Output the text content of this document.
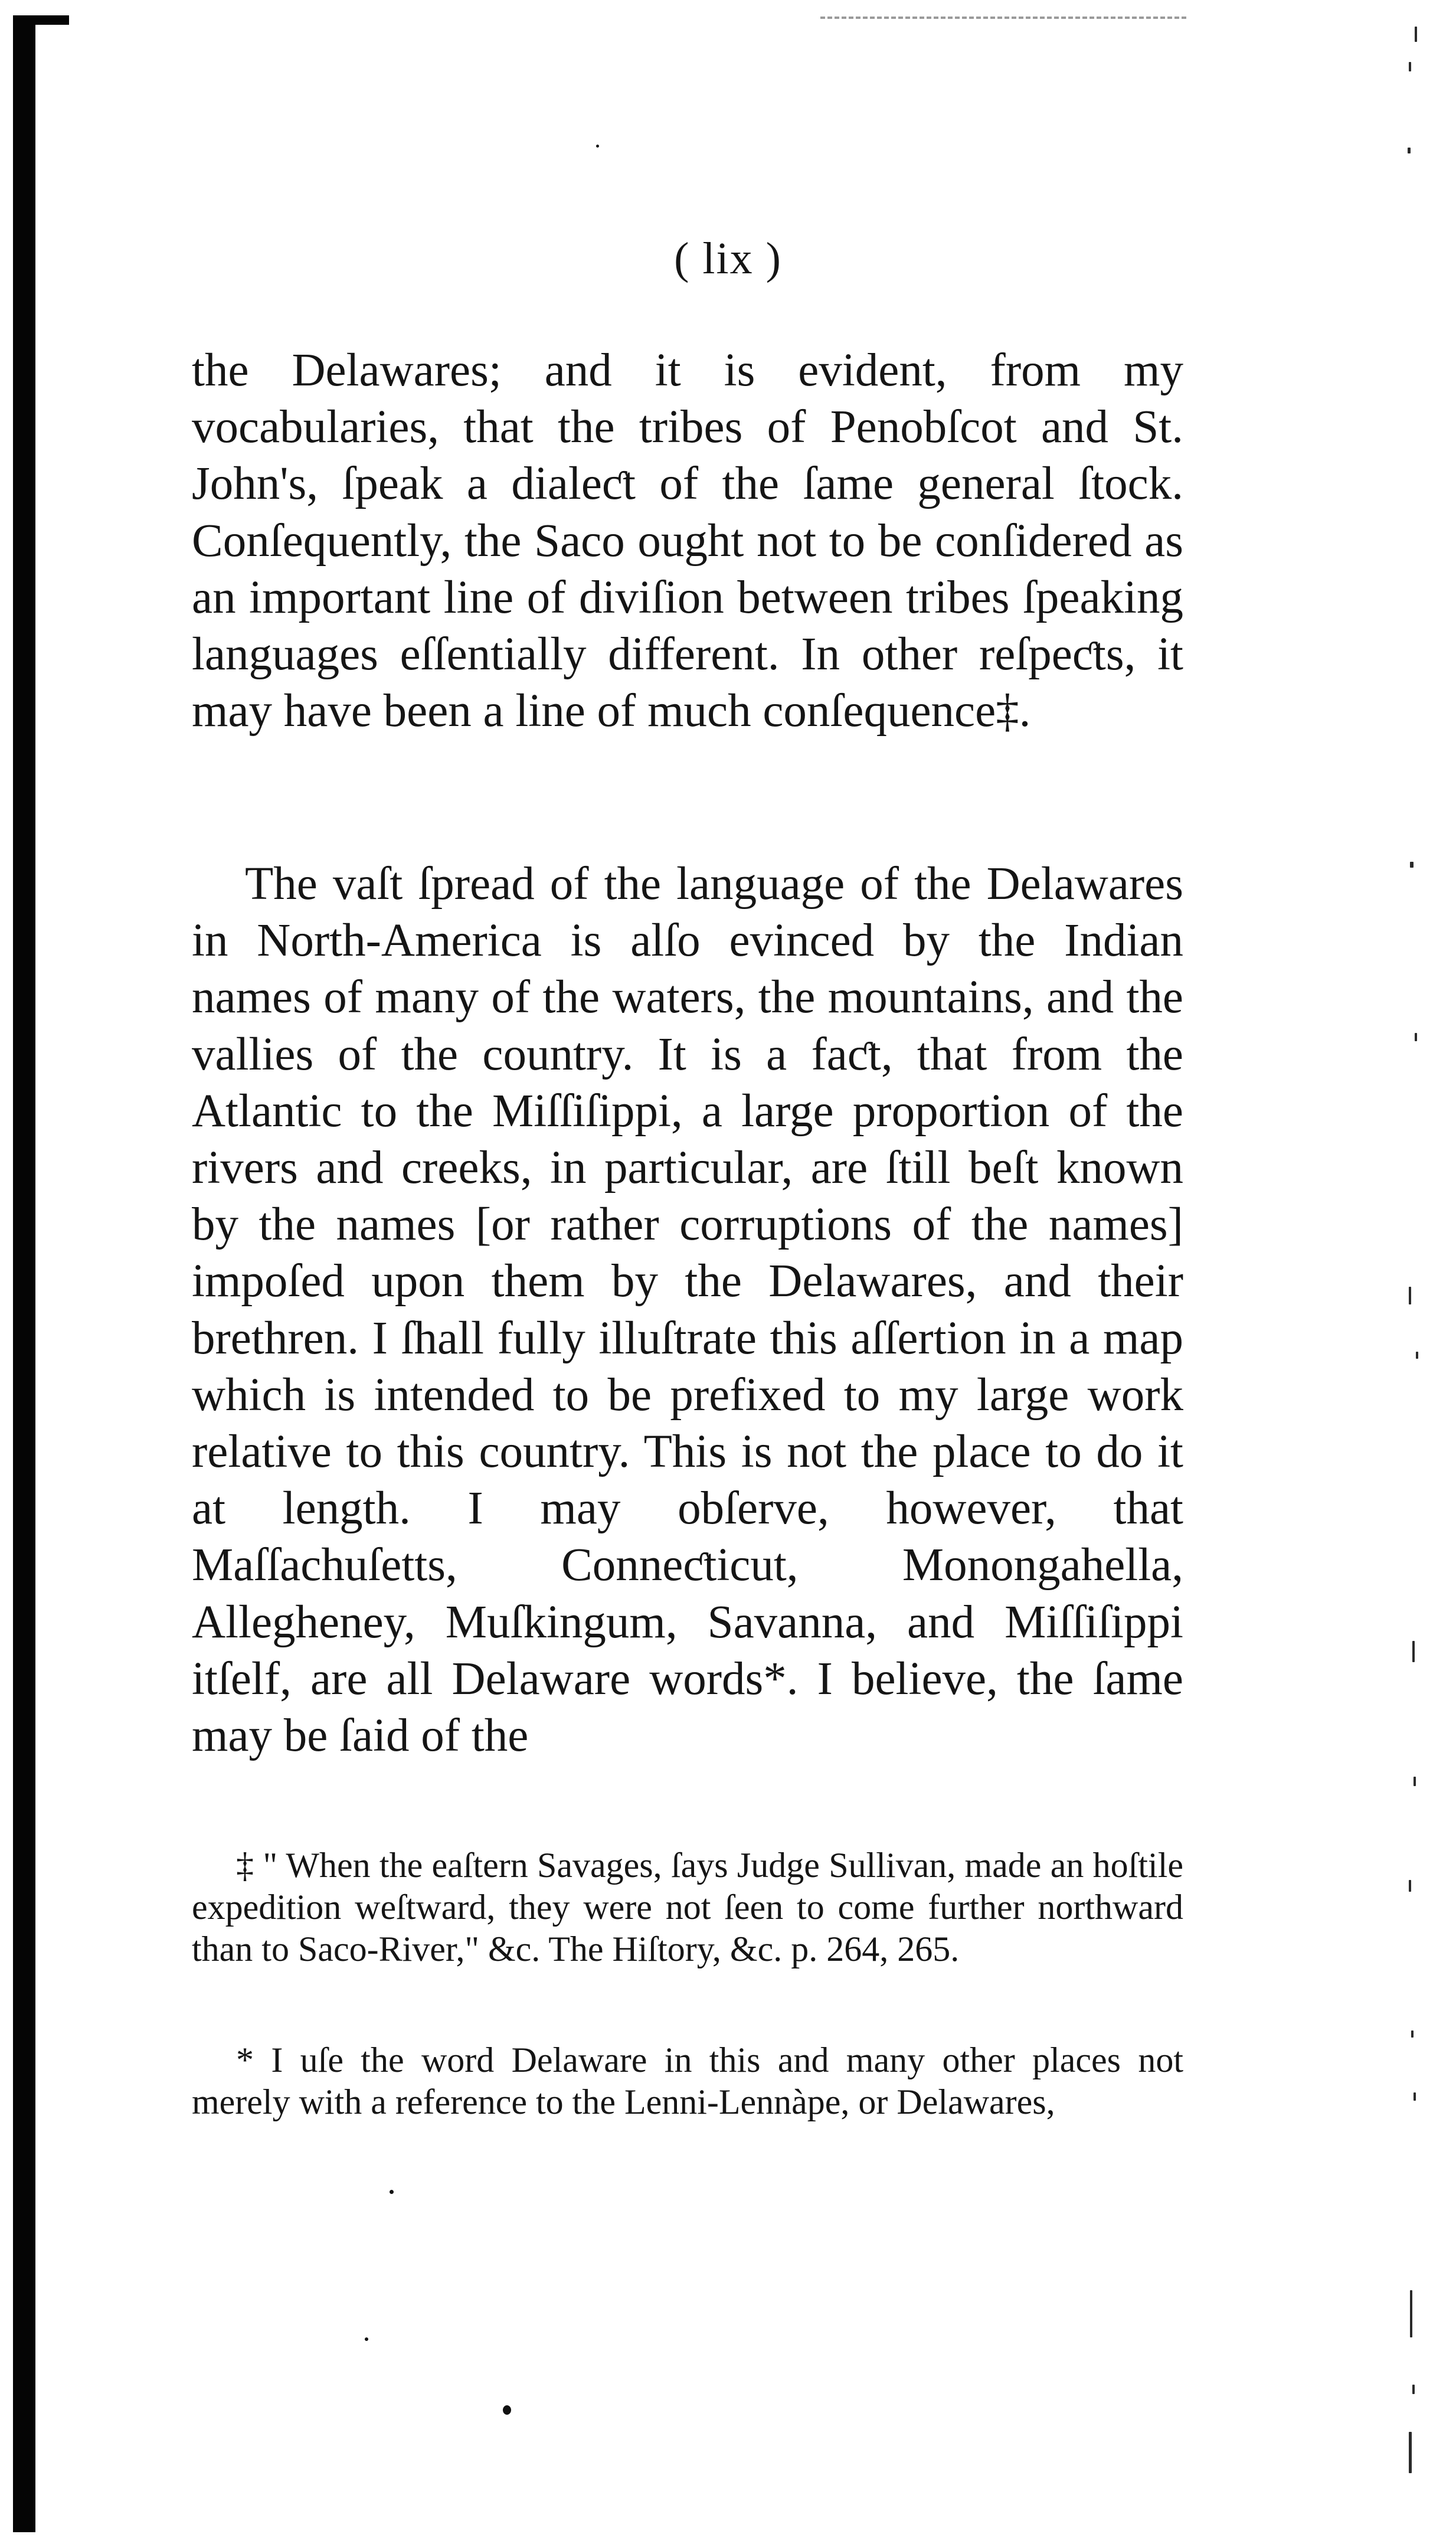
( lix )
the Delawares; and it is evident, from my vocabularies, that the tribes of Penobſcot and St. John's, ſpeak a dialeƈt of the ſame general ſtock. Conſequently, the Saco ought not to be conſidered as an important line of diviſion between tribes ſpeaking languages eſſentially different. In other reſpeƈts, it may have been a line of much conſequence‡.
The vaſt ſpread of the language of the Delawares in North-America is alſo evinced by the Indian names of many of the waters, the mountains, and the vallies of the country. It is a faƈt, that from the Atlantic to the Miſſiſippi, a large proportion of the rivers and creeks, in particular, are ſtill beſt known by the names [or rather corruptions of the names] impoſed upon them by the Delawares, and their brethren. I ſhall fully illuſtrate this aſſertion in a map which is intended to be prefixed to my large work relative to this country. This is not the place to do it at length. I may obſerve, however, that Maſſachuſetts, Conneƈticut, Monongahella, Allegheney, Muſkingum, Savanna, and Miſſiſippi itſelf, are all Delaware words*. I believe, the ſame may be ſaid of the
‡ " When the eaſtern Savages, ſays Judge Sullivan, made an hoſtile expedition weſtward, they were not ſeen to come further northward than to Saco-River," &c. The Hiſtory, &c. p. 264, 265.
* I uſe the word Delaware in this and many other places not merely with a reference to the Lenni-Lennàpe, or Delawares,
